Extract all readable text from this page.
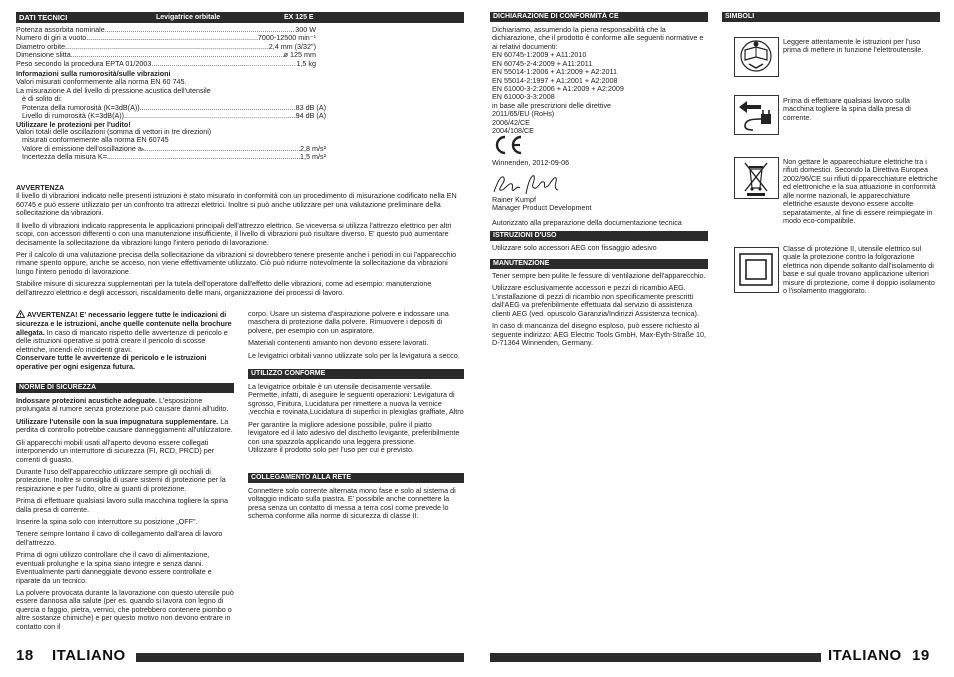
DATI TECNICI	Levigatrice orbitale	EX 125 E
Potenza assorbita nominale .....	300 W
Numero di giri a vuoto .....	7000-12500 min⁻¹
Diametro orbite .....	2,4 mm (3/32")
Dimensione slitta .....	ø 125 mm
Peso secondo la procedura EPTA 01/2003. .....	1,5 kg
Informazioni sulla rumorosità/sulle vibrazioni
Valori misurati conformemente alla norma EN 60 745.
La misurazione A del livello di pressione acustica dell'utensile
è di solito di:
Potenza della rumorosità (K=3dB(A)) .....	83 dB (A)
Livello di rumorosità (K=3dB(A)) .....	94 dB (A)
Utilizzare le protezioni per l'udito!
Valori totali delle oscillazioni (somma di vettori in tre direzioni)
misurati conformemente alla norma EN 60745
Valore di emissione dell'oscillazione aₕ .....	2,8 m/s²
Incertezza della misura K= .....	1,5 m/s²
AVVERTENZA
Il livello di vibrazioni indicato nelle presenti istruzioni è stato misurato in conformità con un procedimento di misurazione codificato nella EN 60745 e può essere utilizzato per un confronto tra attrezzi elettrici. Inoltre si può anche utilizzare per una valutazione preliminare della sollecitazione da vibrazioni.
Il livello di vibrazioni indicato rappresenta le applicazioni principali dell'attrezzo elettrico. Se viceversa si utilizza l'attrezzo elettrico per altri scopi, con accessori differenti o con una manutenzione insufficiente, il livello di vibrazioni può risultare diverso. E' questo può aumentare decisamente la sollecitazione da vibrazioni lungo l'intero periodo di lavorazione.
Per il calcolo di una valutazione precisa della sollecitazione da vibrazioni si dovrebbero tenere presente anche i periodi in cui l'apparecchio rimane spento oppure, anche se acceso, non viene effettivamente utilizzato. Ciò può ridurre notevolmente la sollecitazione da vibrazioni lungo l'intero periodo di lavorazione.
Stabilire misure di sicurezza supplementari per la tutela dell'operatore dall'effetto delle vibrazioni, come ad esempio: manutenzione dell'attrezzo elettrico e degli accessori, riscaldamento delle mani, organizzazione dei processi di lavoro.
AVVERTENZA! E' necessario leggere tutte le indicazioni di sicurezza e le istruzioni, anche quelle contenute nella brochure allegata. In caso di mancato rispetto delle avvertenze di pericolo e delle istruzioni operative si potrà creare il pericolo di scosse elettriche, incendi e/o incidenti gravi.
Conservare tutte le avvertenze di pericolo e le istruzioni operative per ogni esigenza futura.
NORME DI SICUREZZA
Indossare protezioni acustiche adeguate. L'esposizione prolungata al rumore senza protezione può causare danni all'udito.
Utilizzare l'utensile con la sua impugnatura supplementare. La perdita di controllo potrebbe causare danneggiamenti all'utilizzatore.
Gli apparecchi mobili usati all'aperto devono essere collegati interponendo un interruttore di sicurezza (FI, RCD, PRCD) per correnti di guasto.
Durante l'uso dell'apparecchio utilizzare sempre gli occhiali di protezione. Inoltre si consiglia di usare sistemi di protezione per la respirazione e per l'udito, oltre ai guanti di protezione.
Prima di effettuare qualsiasi lavoro sulla macchina togliere la spina dalla presa di corrente.
Inserire la spina solo con interruttore su posizione „OFF".
Tenere sempre lontano il cavo di collegamento dall'area di lavoro dell'attrezzo.
Prima di ogni utilizzo controllare che il cavo di alimentazione, eventuali prolunghe e la spina siano integre e senza danni. Eventualmente parti danneggiate devono essere controllate e riparate da un tecnico.
La polvere provocata durante la lavorazione con questo utensile può essere dannosa alla salute (per es. quando si lavora con legno di quercia o faggio, pietra, vernici, che potrebbero contenere piombo o altre sostanze chimiche) e per questo motivo non devono entrare in contatto con il
corpo. Usare un sistema d'aspirazione polvere e indossare una maschera di protezione dalla polvere. Rimuovere i depositi di polvere, per esempio con un aspiratore.
Materiali contenenti amianto non devono essere lavorati.
Le levigatrici orbitali vanno utilizzate solo per la levigatura a secco.
UTILIZZO CONFORME
La levigatrice orbitale è un utensile decisamente versatile. Permette, infatti, di aseguire le seguenti operazioni: Levigatura di sgrosso, Finitura, Lucidatura per rimettere a nuova la vernice ,vecchia e rovinata,Lucidatura di superfici in plexiglas graffiate, Altro
Per garantire la migliore adesione possibile, pulire il piatto levigatore ed il lato adesivo del dischetto levigante, preferibilmente con una spazzola applicando una leggera pressione.
Utilizzare il prodotto solo per l'uso per cui è previsto.
COLLEGAMENTO ALLA RETE
Connettere solo corrente alternata mono fase e solo al sistema di voltaggio indicato sulla piastra. E' possibile anche connettere la presa senza un contatto di messa a terra così come prevede lo schema conforme alla norme di sicurezza di classe II.
18 ITALIANO
DICHIARAZIONE DI CONFORMITÀ CE
Dichiariamo, assumendo la piena responsabilità che la dichiarazione, che il prodotto è conforme alle seguenti normative e ai relativi documenti:
EN 60745-1:2009 + A11:2010
EN 60745-2-4:2009 + A11:2011
EN 55014-1:2006 + A1:2009 + A2:2011
EN 55014-2:1997 + A1:2001 + A2:2008
EN 61000-3-2:2006 + A1:2009 + A2:2009
EN 61000-3-3:2008
in base alle prescrizioni delle direttive
2011/65/EU (RoHs)
2006/42/CE
2004/108/CE
Winnenden, 2012-09-06
Rainer Kumpf
Manager Product Development
Autorizzato alla preparazione della documentazione tecnica
ISTRUZIONI D'USO
Utilizzare solo accessori AEG con fissaggio adesivo
MANUTENZIONE
Tener sempre ben pulite le fessure di ventilazione dell'apparecchio.
Utilizzare esclusivamente accessori e pezzi di ricambio AEG. L'installazione di pezzi di ricambio non specificamente prescritti dall'AEG va preferibilmente effettuata dal servizio di assistenza clienti AEG (ved. opuscolo Garanzia/Indirizzi Assistenza tecnica).
In caso di mancanza del disegno esploso, può essere richiesto al seguente indirizzo: AEG Electric Tools GmbH, Max-Eyth-Straße 10, D-71364 Winnenden, Germany.
SIMBOLI
Leggere attentamente le istruzioni per l'uso prima di mettere in funzione l'elettroutensile.
Prima di effettuare qualsiasi lavoro sulla macchina togliere la spina dalla presa di corrente.
Non gettare le apparecchiature elettriche tra i rifiuti domestici. Secondo la Direttiva Europea 2002/96/CE sui rifiuti di pparecchiature elettriche ed elettroniche e la sua attuazione in conformità alle norme nazionali, le apparecchiature elettriche esauste devono essere accolte separatamente, al fine di essere reimpiegate in modo eco-compatibile.
Classe di protezione II, utensile elettrico sul quale la protezione contro la folgorazione elettrica non dipende soltanto dall'isolamento di base e sul quale trovano applicazione ulteriori misure di protezione, come il doppio isolamento o l'isolamento maggiorato.
ITALIANO 19
